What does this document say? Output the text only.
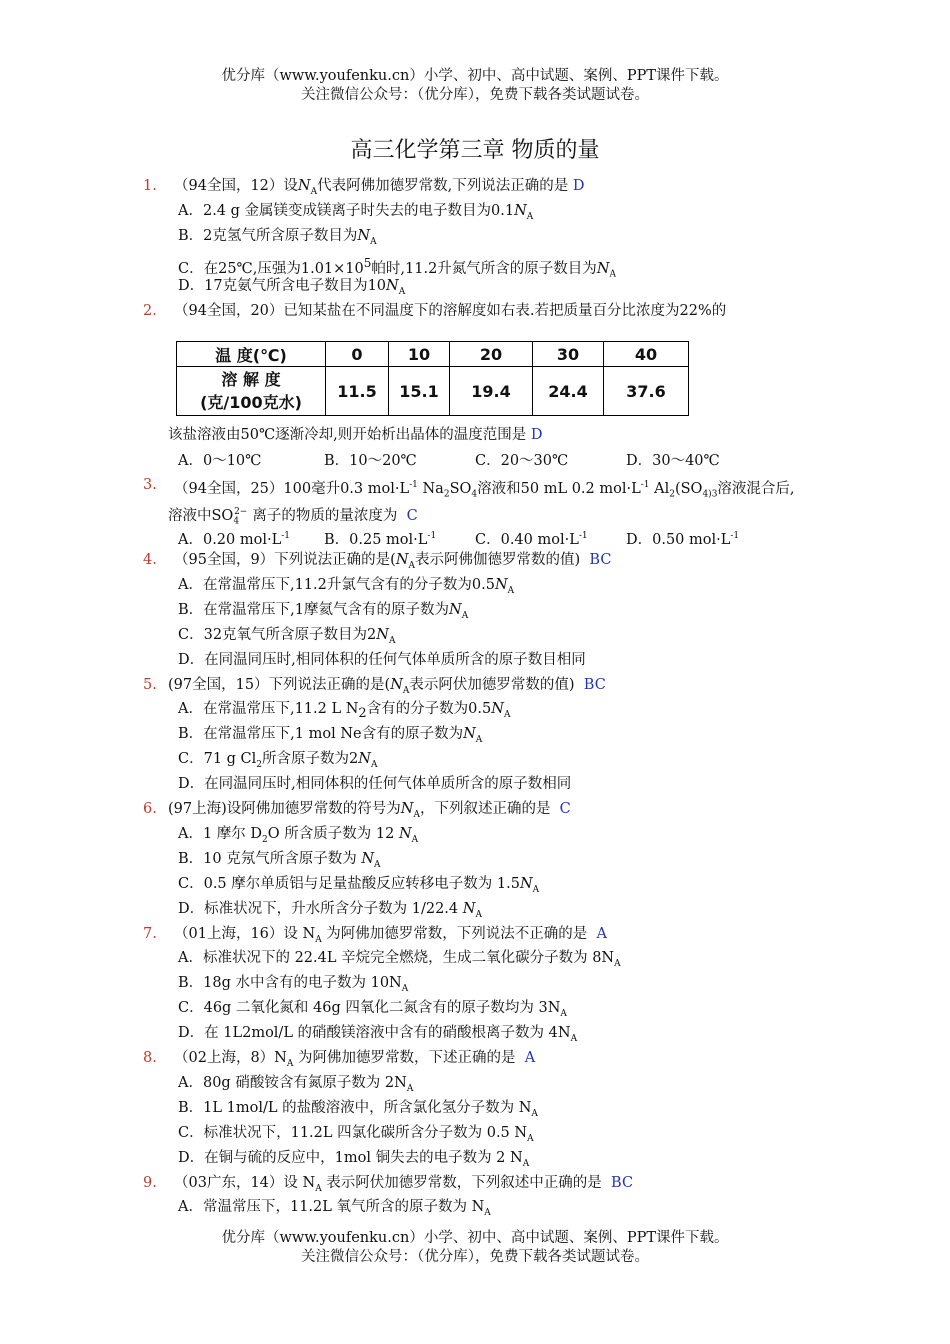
优分库（www.youfenku.cn）小学、初中、高中试题、案例、PPT课件下载。
关注微信公众号：（优分库），免费下载各类试题试卷。
高三化学第三章 物质的量
1. （94全国，12）设$N_A$代表阿佛加德罗常数,下列说法正确的是 D
A．2.4 g 金属镁变成镁离子时失去的电子数目为$0.1N_A$
B．2克氢气所含原子数目为$N_A$
C．在25℃,压强为$1.01\times 10^5$帕时,11.2升氮气所含的原子数目为$N_A$
D．17克氨气所含电子数目为$10N_A$
2. （94全国，20）已知某盐在不同温度下的溶解度如右表.若把质量百分比浓度为22%的
温 度(℃)	0	10	20	30	40

溶 解 度
(克/100克水)	11.5	15.1	19.4	24.4	37.6
该盐溶液由50℃逐渐冷却,则开始析出晶体的温度范围是 D
A．0～10℃	B．10～20℃	C．20～30℃	D．30～40℃
3. （94全国，25）100毫升0.3 $mol\cdot L^{-1}$ $Na_2SO_4$溶液和50 mL 0.2 $mol\cdot L^{-1}$ $Al_2(SO_{4)3}$溶液混合后,
溶液中$SO_4^{2-}$ 离子的物质的量浓度为 C
A．0.20 $mol\cdot L^{-1}$ B．0.25 $mol\cdot L^{-1}$	C．0.40 $mol\cdot L^{-1}$	D．0.50 $mol\cdot L^{-1}$
4. （95全国，9）下列说法正确的是($N_A$表示阿佛伽德罗常数的值) BC
A．在常温常压下,11.2升氯气含有的分子数为$0.5N_A$
B．在常温常压下,1摩氦气含有的原子数为$N_A$
C．32克氧气所含原子数目为$2N_A$
D．在同温同压时,相同体积的任何气体单质所含的原子数目相同
5. (97全国，15）下列说法正确的是($N_A$表示阿伏加德罗常数的值) BC
A．在常温常压下,11.2 L $N_2$含有的分子数为$0.5N_A$
B．在常温常压下,1 mol Ne含有的原子数为$N_A$
C．71 g $Cl_2$所含原子数为$2N_A$
D．在同温同压时,相同体积的任何气体单质所含的原子数相同
6. (97上海)设阿佛加德罗常数的符号为$N_A$，下列叙述正确的是 C
A．1 摩尔 $D_2O$ 所含质子数为 12 $N_A$
B．10 克氖气所含原子数为 $N_A$
C．0.5 摩尔单质铝与足量盐酸反应转移电子数为 $1.5N_A$
D．标准状况下，升水所含分子数为 1/22.4 $N_A$
7. （01上海，16）设 $N_A$ 为阿佛加德罗常数，下列说法不正确的是 A
A．标准状况下的 22.4L 辛烷完全燃烧，生成二氧化碳分子数为 $8N_A$
B．18g 水中含有的电子数为 $10N_A$
C．46g 二氧化氮和 46g 四氧化二氮含有的原子数均为 $3N_A$
D．在 1L2mol/L 的硝酸镁溶液中含有的硝酸根离子数为 $4N_A$
8. （02上海，$8)N_A$ 为阿佛加德罗常数，下述正确的是 A
A．80g 硝酸铵含有氮原子数为 $2N_A$
B．1L 1mol/L 的盐酸溶液中，所含氯化氢分子数为 $N_A$
C．标准状况下，11.2L 四氯化碳所含分子数为 0.5 $N_A$
D．在铜与硫的反应中，1mol 铜失去的电子数为 2 $N_A$
9. （03广东，14）设 $N_A$ 表示阿伏加德罗常数，下列叙述中正确的是 BC
A．常温常压下，11.2L 氧气所含的原子数为 $N_A$
优分库（www.youfenku.cn）小学、初中、高中试题、案例、PPT课件下载。
关注微信公众号：（优分库），免费下载各类试题试卷。
